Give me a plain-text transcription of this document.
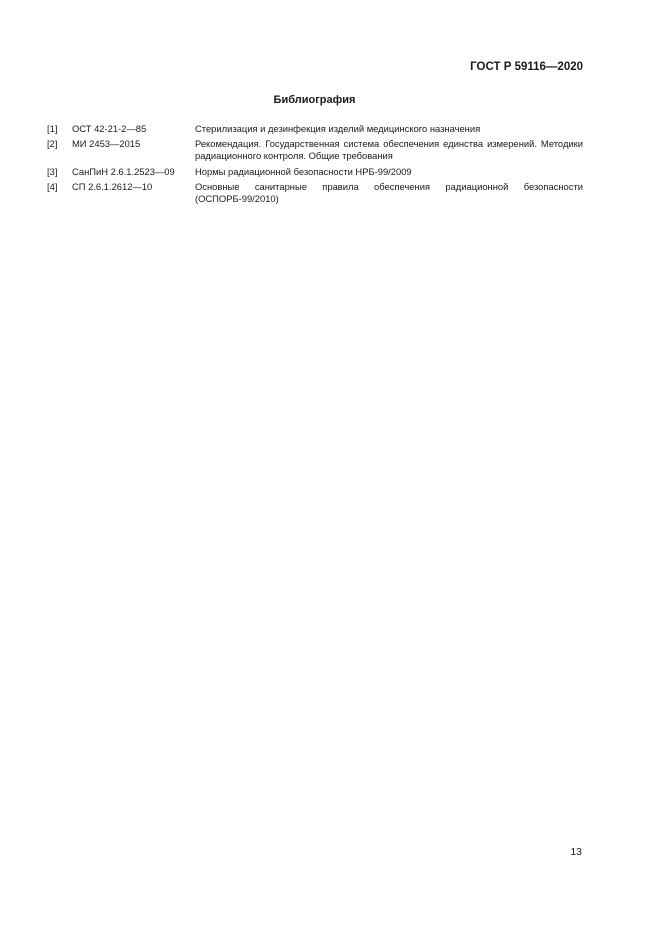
ГОСТ Р 59116—2020
Библиография
[1]	ОСТ 42-21-2—85	Стерилизация и дезинфекция изделий медицинского назначения
[2]	МИ 2453—2015	Рекомендация. Государственная система обеспечения единства измерений. Методики радиационного контроля. Общие требования
[3]	СанПиН 2.6.1.2523—09	Нормы радиационной безопасности НРБ-99/2009
[4]	СП 2.6.1.2612—10	Основные санитарные правила обеспечения радиационной безопасности (ОСПОРБ-99/2010)
13
